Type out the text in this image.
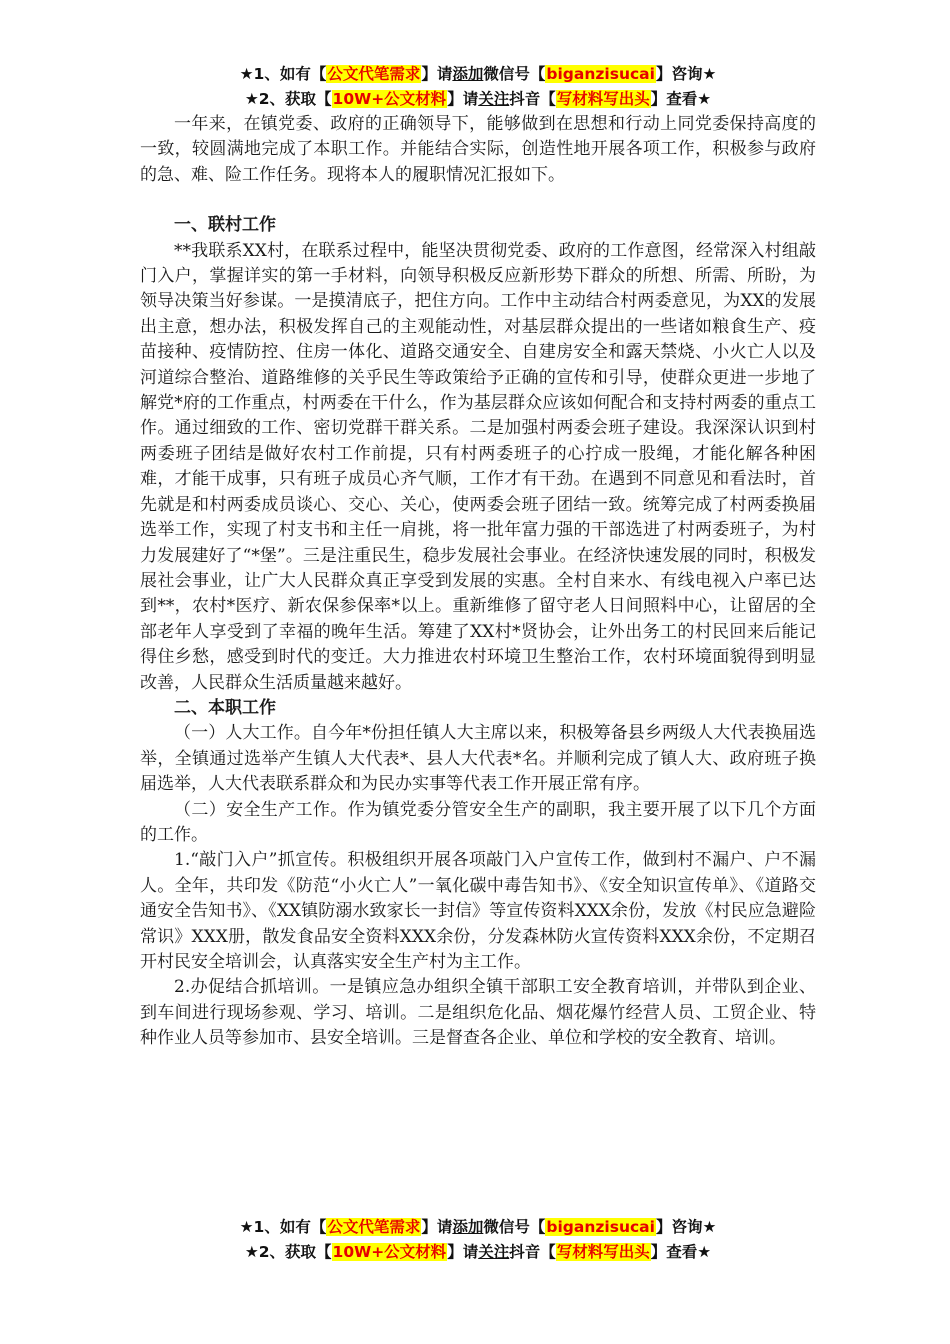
★1、如有【公文代笔需求】请添加微信号【biganzisucai】咨询★
★2、获取【10W+公文材料】请关注抖音【写材料写出头】查看★

一年来，在镇党委、政府的正确领导下，能够做到在思想和行动上同党委保持高度的一致，较圆满地完成了本职工作。并能结合实际，创造性地开展各项工作，积极参与政府的急、难、险工作任务。现将本人的履职情况汇报如下。

一、联村工作

**我联系XX村，在联系过程中，能坚决贯彻党委、政府的工作意图，经常深入村组敲门入户，掌握详实的第一手材料，向领导积极反应新形势下群众的所想、所需、所盼，为领导决策当好参谋。一是摸清底子，把住方向。工作中主动结合村两委意见，为XX的发展出主意，想办法，积极发挥自己的主观能动性，对基层群众提出的一些诸如粮食生产、疫苗接种、疫情防控、住房一体化、道路交通安全、自建房安全和露天禁烧、小火亡人以及河道综合整治、道路维修的关乎民生等政策给予正确的宣传和引导，使群众更进一步地了解党*府的工作重点，村两委在干什么，作为基层群众应该如何配合和支持村两委的重点工作。通过细致的工作、密切党群干群关系。二是加强村两委会班子建设。我深深认识到村两委班子团结是做好农村工作前提，只有村两委班子的心拧成一股绳，才能化解各种困难，才能干成事，只有班子成员心齐气顺，工作才有干劲。在遇到不同意见和看法时，首先就是和村两委成员谈心、交心、关心，使两委会班子团结一致。统筹完成了村两委换届选举工作，实现了村支书和主任一肩挑，将一批年富力强的干部选进了村两委班子，为村力发展建好了“*堡”。三是注重民生，稳步发展社会事业。在经济快速发展的同时，积极发展社会事业，让广大人民群众真正享受到发展的实惠。全村自来水、有线电视入户率已达到**，农村*医疗、新农保参保率*以上。重新维修了留守老人日间照料中心，让留居的全部老年人享受到了幸福的晚年生活。筹建了XX村*贤协会，让外出务工的村民回来后能记得住乡愁，感受到时代的变迁。大力推进农村环境卫生整治工作，农村环境面貌得到明显改善，人民群众生活质量越来越好。

二、本职工作

（一）人大工作。自今年*份担任镇人大主席以来，积极筹备县乡两级人大代表换届选举，全镇通过选举产生镇人大代表*、县人大代表*名。并顺利完成了镇人大、政府班子换届选举，人大代表联系群众和为民办实事等代表工作开展正常有序。

（二）安全生产工作。作为镇党委分管安全生产的副职，我主要开展了以下几个方面的工作。

1.“敲门入户”抓宣传。积极组织开展各项敲门入户宣传工作，做到村不漏户、户不漏人。全年，共印发《防范“小火亡人”一氧化碳中毒告知书》、《安全知识宣传单》、《道路交通安全告知书》、《XX镇防溺水致家长一封信》等宣传资料XXX余份，发放《村民应急避险常识》XXX册，散发食品安全资料XXX余份，分发森林防火宣传资料XXX余份，不定期召开村民安全培训会，认真落实安全生产村为主工作。

2.办促结合抓培训。一是镇应急办组织全镇干部职工安全教育培训，并带队到企业、到车间进行现场参观、学习、培训。二是组织危化品、烟花爆竹经营人员、工贸企业、特种作业人员等参加市、县安全培训。三是督查各企业、单位和学校的安全教育、培训。

★1、如有【公文代笔需求】请添加微信号【biganzisucai】咨询★
★2、获取【10W+公文材料】请关注抖音【写材料写出头】查看★
